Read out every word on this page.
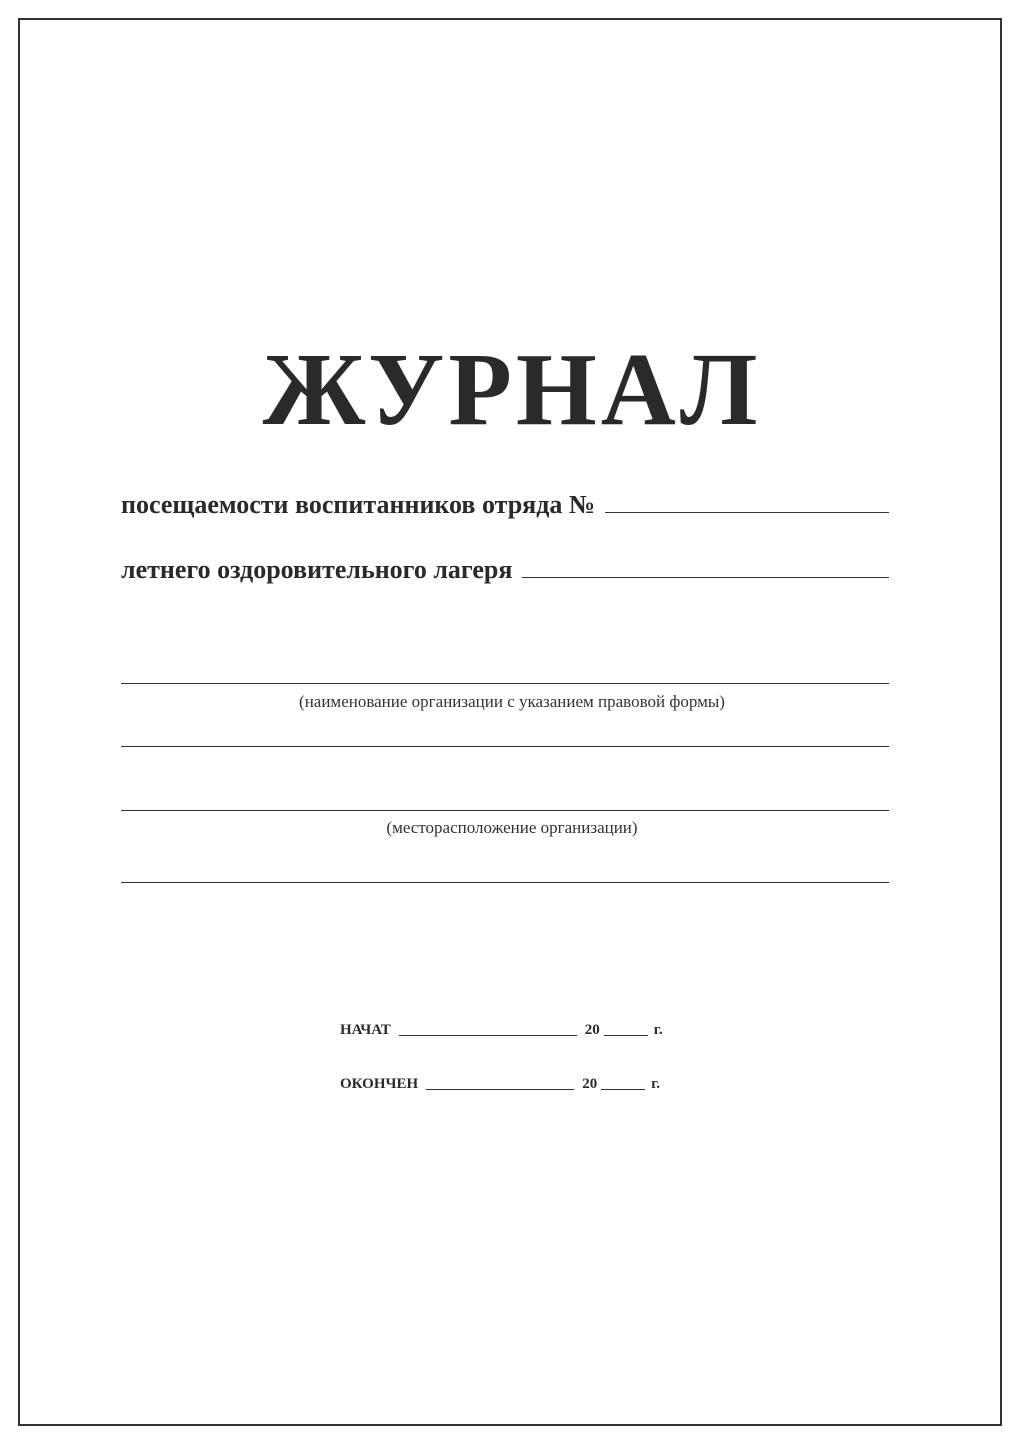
ЖУРНАЛ
посещаемости воспитанников отряда №
летнего оздоровительного лагеря
(наименование организации с указанием правовой формы)
(месторасположение организации)
НАЧАТ	20	г.
ОКОНЧЕН	20	г.
